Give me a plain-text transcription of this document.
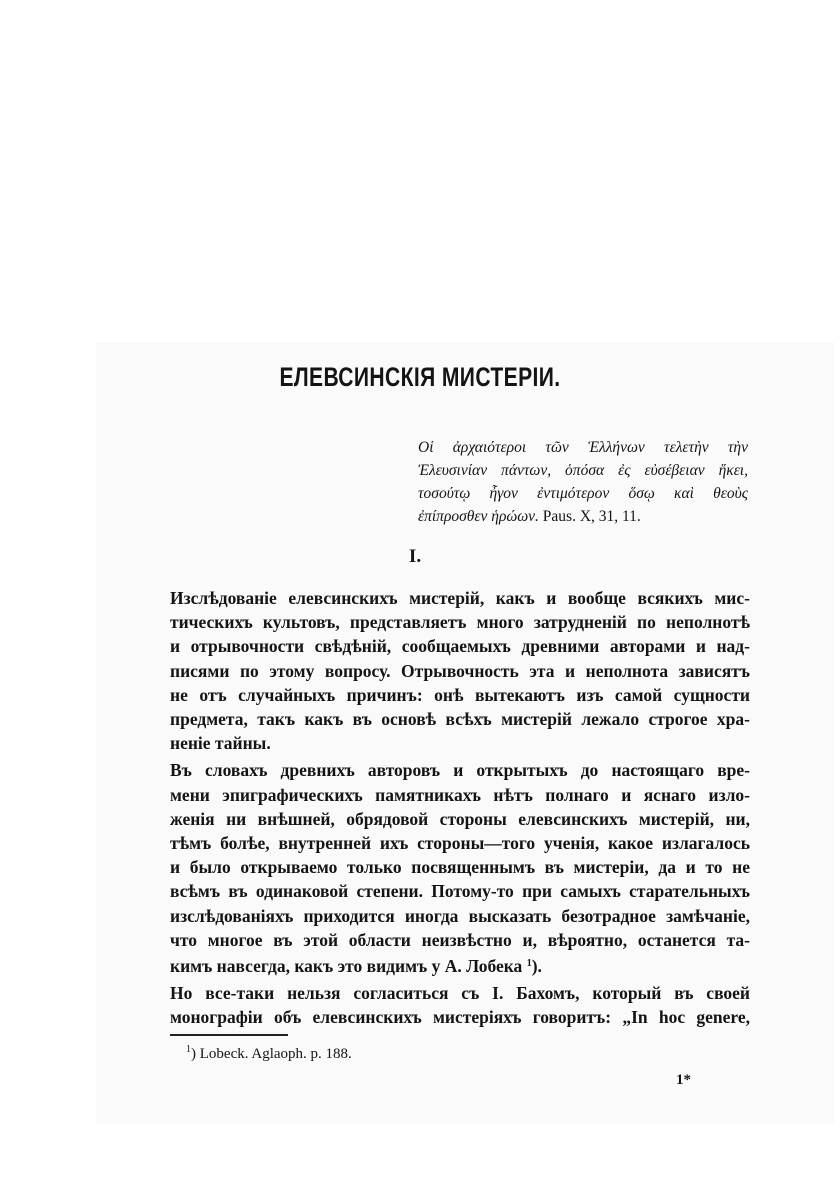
ЕЛЕВСИНСКІЯ МИСТЕРІИ.
Οἱ ἀρχαιότεροι τῶν Ἑλλήνων τελετὴν τὴν
Ἐλευσινίαν πάντων, ὁπόσα ἐς εὐσέβειαν ἥκει,
τοσούτῳ ἦγον ἐντιμότερον ὅσῳ καὶ θεοὺς
ἐπίπροσθεν ἡρώων. Paus. X, 31, 11.
I.

Изслѣдованіе елевсинскихъ мистерій, какъ и вообще всякихъ мис-
тическихъ культовъ, представляетъ много затрудненій по неполнотѣ
и отрывочности свѣдѣній, сообщаемыхъ древними авторами и над-
писями по этому вопросу. Отрывочность эта и неполнота зависятъ
не отъ случайныхъ причинъ: онѣ вытекаютъ изъ самой сущности
предмета, такъ какъ въ основѣ всѣхъ мистерій лежало строгое хра-
неніе тайны.

Въ словахъ древнихъ авторовъ и открытыхъ до настоящаго вре-
мени эпиграфическихъ памятникахъ нѣтъ полнаго и яснаго изло-
женія ни внѣшней, обрядовой стороны елевсинскихъ мистерій, ни,
тѣмъ болѣе, внутренней ихъ стороны—того ученія, какое излагалось
и было открываемо только посвященнымъ въ мистеріи, да и то не
всѣмъ въ одинаковой степени. Потому-то при самыхъ старательныхъ
изслѣдованіяхъ приходится иногда высказать безотрадное замѣчаніе,
что многое въ этой области неизвѣстно и, вѣроятно, останется та-
кимъ навсегда, какъ это видимъ у А. Лобека $^1$).

Но все-таки нельзя согласиться съ І. Бахомъ, который въ своей
монографіи объ елевсинскихъ мистеріяхъ говоритъ: „In hoc genere,

$^1$) Lobeck. Aglaoph. p. 188.
1*
